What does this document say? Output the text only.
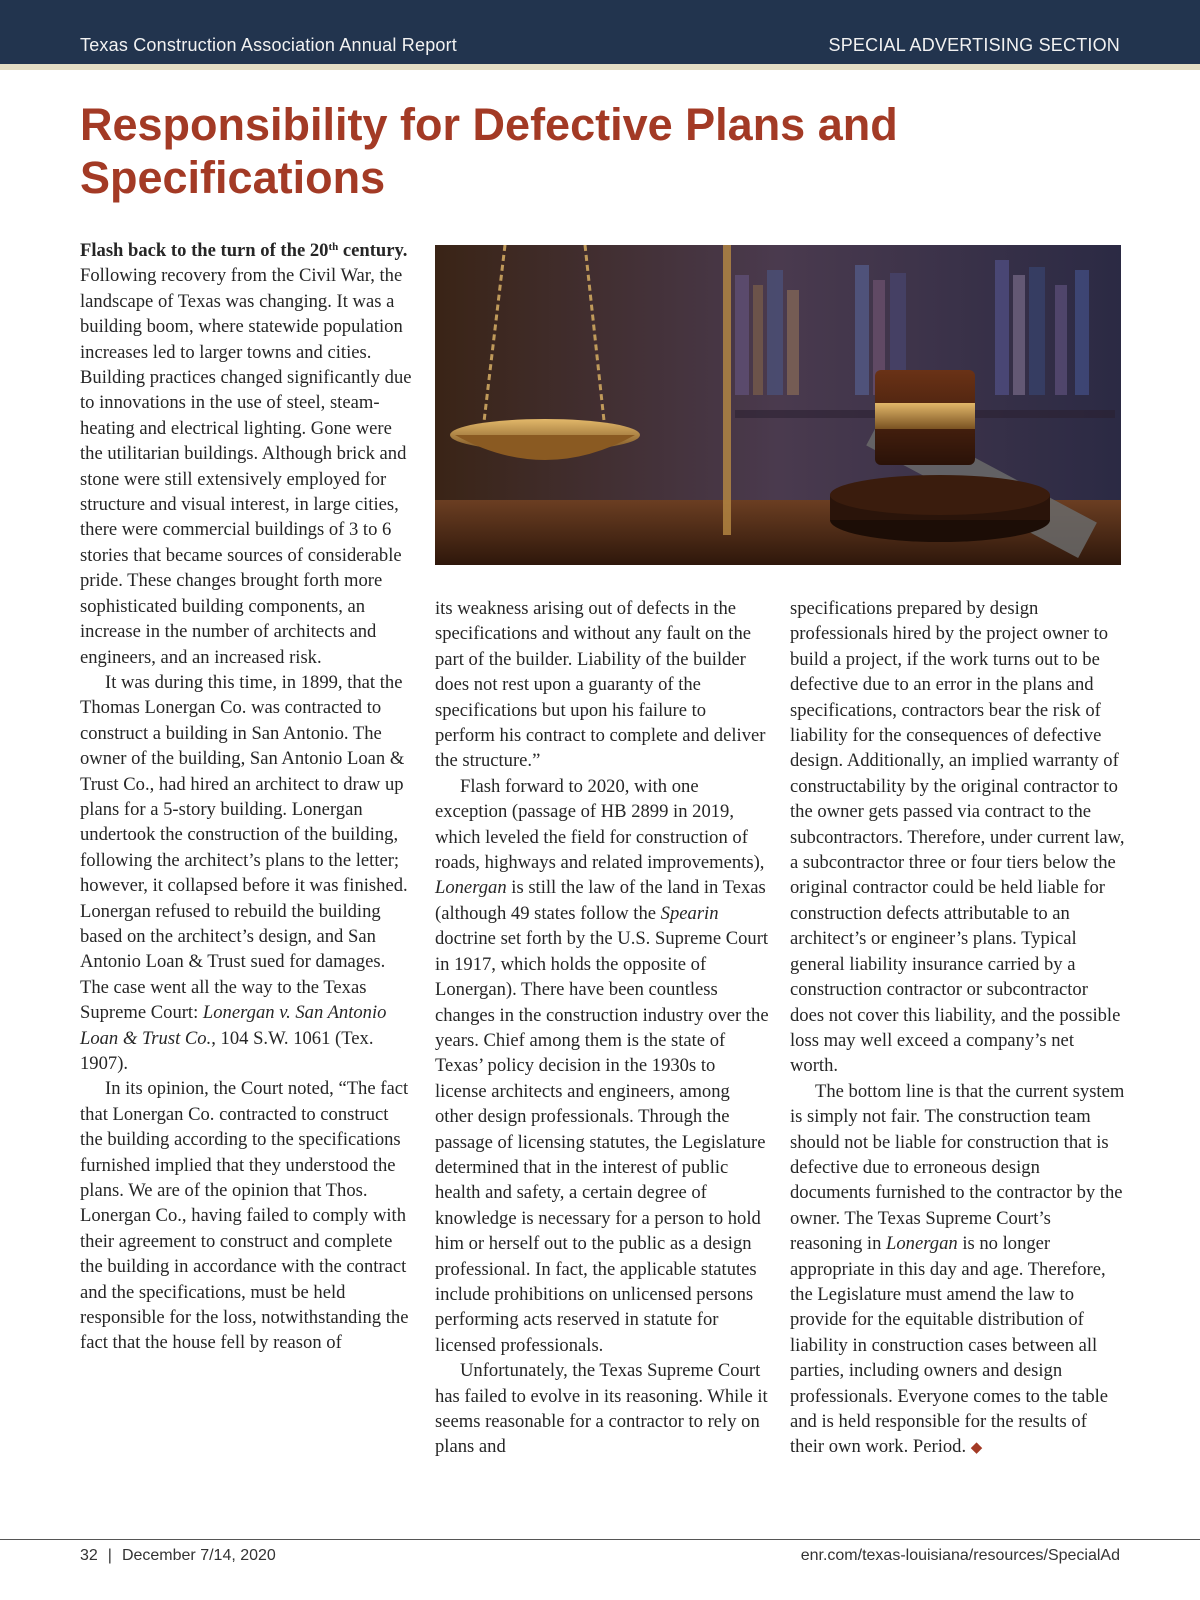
Texas Construction Association Annual Report	SPECIAL ADVERTISING SECTION
Responsibility for Defective Plans and Specifications

Flash back to the turn of the 20th century. Following recovery from the Civil War, the landscape of Texas was changing. It was a building boom, where statewide population increases led to larger towns and cities. Building practices changed significantly due to innovations in the use of steel, steam-heating and electrical lighting. Gone were the utilitarian buildings. Although brick and stone were still extensively employed for structure and visual interest, in large cities, there were commercial buildings of 3 to 6 stories that became sources of considerable pride. These changes brought forth more sophisticated building components, an increase in the number of architects and engineers, and an increased risk.

It was during this time, in 1899, that the Thomas Lonergan Co. was contracted to construct a building in San Antonio. The owner of the building, San Antonio Loan & Trust Co., had hired an architect to draw up plans for a 5-story building. Lonergan undertook the construction of the building, following the architect’s plans to the letter; however, it collapsed before it was finished. Lonergan refused to rebuild the building based on the architect’s design, and San Antonio Loan & Trust sued for damages. The case went all the way to the Texas Supreme Court: Lonergan v. San Antonio Loan & Trust Co., 104 S.W. 1061 (Tex. 1907).

In its opinion, the Court noted, “The fact that Lonergan Co. contracted to construct the building according to the specifications furnished implied that they understood the plans. We are of the opinion that Thos. Lonergan Co., having failed to comply with their agreement to construct and complete the building in accordance with the contract and the specifications, must be held responsible for the loss, notwithstanding the fact that the house fell by reason of

its weakness arising out of defects in the specifications and without any fault on the part of the builder. Liability of the builder does not rest upon a guaranty of the specifications but upon his failure to perform his contract to complete and deliver the structure.”

Flash forward to 2020, with one exception (passage of HB 2899 in 2019, which leveled the field for construction of roads, highways and related improvements), Lonergan is still the law of the land in Texas (although 49 states follow the Spearin doctrine set forth by the U.S. Supreme Court in 1917, which holds the opposite of Lonergan). There have been countless changes in the construction industry over the years. Chief among them is the state of Texas’ policy decision in the 1930s to license architects and engineers, among other design professionals. Through the passage of licensing statutes, the Legislature determined that in the interest of public health and safety, a certain degree of knowledge is necessary for a person to hold him or herself out to the public as a design professional. In fact, the applicable statutes include prohibitions on unlicensed persons performing acts reserved in statute for licensed professionals.

Unfortunately, the Texas Supreme Court has failed to evolve in its reasoning. While it seems reasonable for a contractor to rely on plans and

specifications prepared by design professionals hired by the project owner to build a project, if the work turns out to be defective due to an error in the plans and specifications, contractors bear the risk of liability for the consequences of defective design. Additionally, an implied warranty of constructability by the original contractor to the owner gets passed via contract to the subcontractors. Therefore, under current law, a subcontractor three or four tiers below the original contractor could be held liable for construction defects attributable to an architect’s or engineer’s plans. Typical general liability insurance carried by a construction contractor or subcontractor does not cover this liability, and the possible loss may well exceed a company’s net worth.

The bottom line is that the current system is simply not fair. The construction team should not be liable for construction that is defective due to erroneous design documents furnished to the contractor by the owner. The Texas Supreme Court’s reasoning in Lonergan is no longer appropriate in this day and age. Therefore, the Legislature must amend the law to provide for the equitable distribution of liability in construction cases between all parties, including owners and design professionals. Everyone comes to the table and is held responsible for the results of their own work. Period. ◆

32 | December 7/14, 2020	enr.com/texas-louisiana/resources/SpecialAd
